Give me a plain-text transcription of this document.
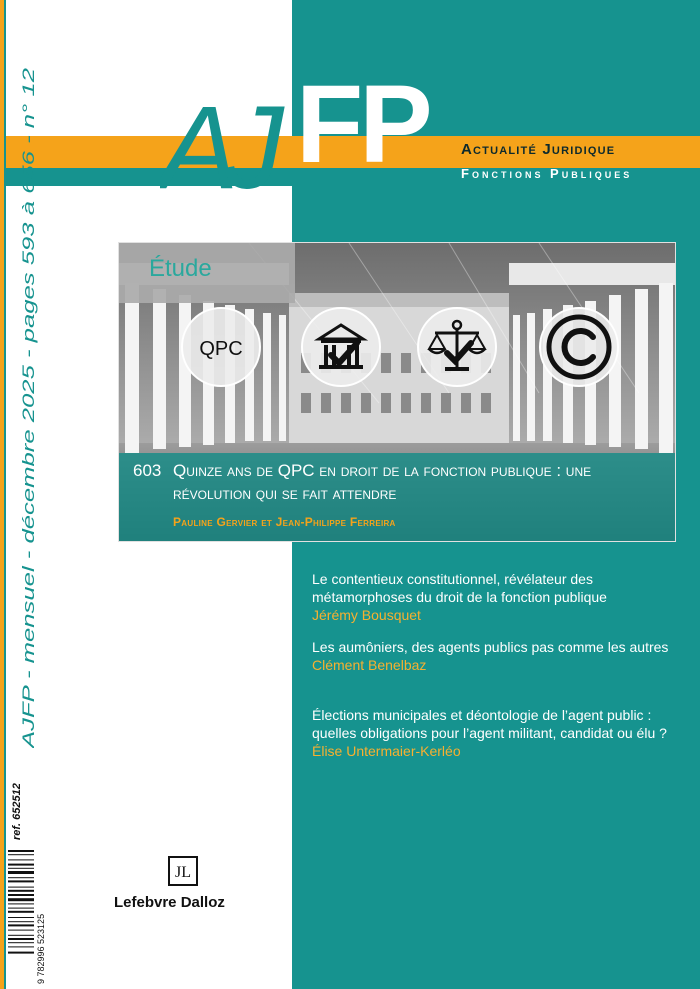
AJ FP Actualité Juridique
Fonctions Publiques
AJFP - mensuel - décembre 2025 - pages 593 à 656 - n° 12	QPC
Étude
603 Quinze ans de QPC en droit de la fonction publique : une révolution qui se fait attendre
Pauline Gervier et Jean-Philippe Ferreira
599	Le contentieux constitutionnel, révélateur des métamorphoses du droit de la fonction publique
Jérémy Bousquet
609	Les aumôniers, des agents publics pas comme les autres
Clément Benelbaz
618	Élections municipales et déontologie de l’agent public : quelles obligations pour l’agent militant, candidat ou élu ?
Élise Untermaier-Kerléo
JL
Lefebvre Dalloz
ref. 652512
9 782996 523125
